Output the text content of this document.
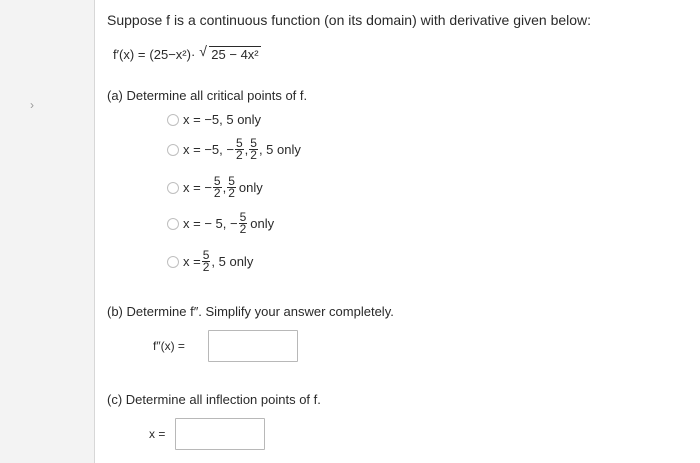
›
Suppose f is a continuous function (on its domain) with derivative given below:
f′(x) = (25−x²)· √ 25 − 4x²
(a) Determine all critical points of f.
x = −5, 5 only
x = −5, − $\frac{5}{2}$ , $\frac{5}{2}$ , 5 only
x = − $\frac{5}{2}$ , $\frac{5}{2}$ only
x = − 5, − $\frac{5}{2}$ only
$x = \frac{5}{2}$ , 5 only
(b) Determine f″. Simplify your answer completely.
f″(x) =
(c) Determine all inflection points of f.
x =
